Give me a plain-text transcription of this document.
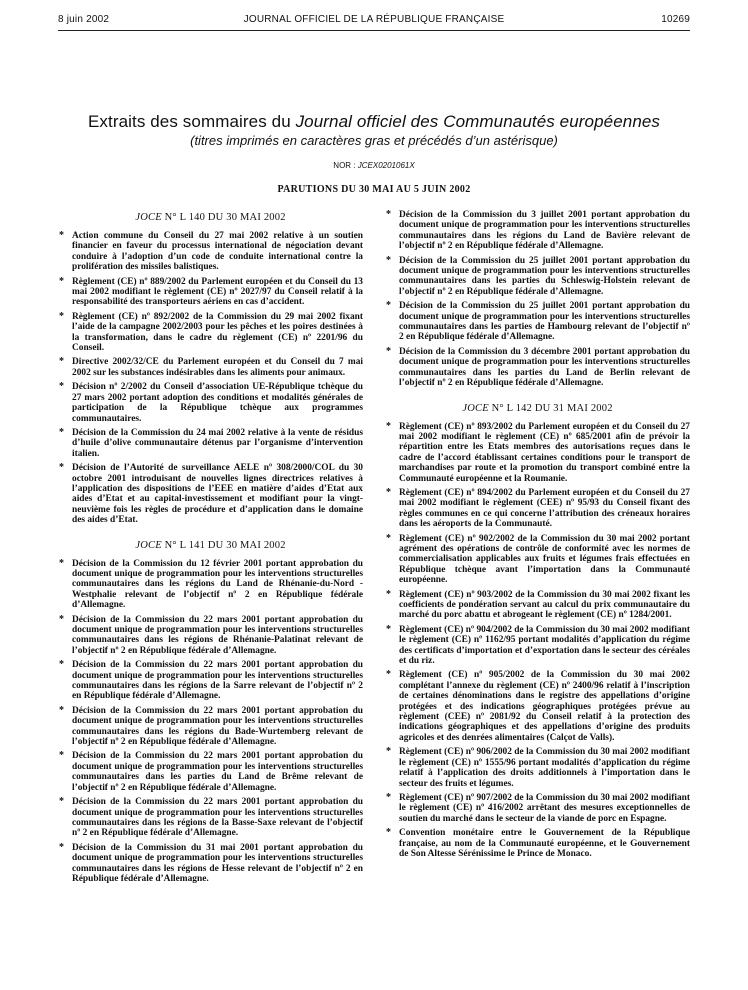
8 juin 2002	JOURNAL OFFICIEL DE LA RÉPUBLIQUE FRANÇAISE	10269
Extraits des sommaires du Journal officiel des Communautés européennes
(titres imprimés en caractères gras et précédés d’un astérisque)
NOR : JCEX0201061X
PARUTIONS DU 30 MAI AU 5 JUIN 2002
JOCE N° L 140 DU 30 MAI 2002
* Action commune du Conseil du 27 mai 2002 relative à un soutien financier en faveur du processus international de négociation devant conduire à l’adoption d’un code de conduite international contre la prolifération des missiles balistiques.
* Règlement (CE) nº 889/2002 du Parlement européen et du Conseil du 13 mai 2002 modifiant le règlement (CE) nº 2027/97 du Conseil relatif à la responsabilité des transporteurs aériens en cas d’accident.
* Règlement (CE) nº 892/2002 de la Commission du 29 mai 2002 fixant l’aide de la campagne 2002/2003 pour les pêches et les poires destinées à la transformation, dans le cadre du règlement (CE) nº 2201/96 du Conseil.
* Directive 2002/32/CE du Parlement européen et du Conseil du 7 mai 2002 sur les substances indésirables dans les aliments pour animaux.
* Décision nº 2/2002 du Conseil d’association UE-République tchèque du 27 mars 2002 portant adoption des conditions et modalités générales de participation de la République tchèque aux programmes communautaires.
* Décision de la Commission du 24 mai 2002 relative à la vente de résidus d’huile d’olive communautaire détenus par l’organisme d’intervention italien.
* Décision de l’Autorité de surveillance AELE nº 308/2000/COL du 30 octobre 2001 introduisant de nouvelles lignes directrices relatives à l’application des dispositions de l’EEE en matière d’aides d’Etat aux aides d’Etat et au capital-investissement et modifiant pour la vingt-neuvième fois les règles de procédure et d’application dans le domaine des aides d’Etat.
JOCE N° L 141 DU 30 MAI 2002
* Décision de la Commission du 12 février 2001 portant approbation du document unique de programmation pour les interventions structurelles communautaires dans les régions du Land de Rhénanie-du-Nord - Westphalie relevant de l’objectif nº 2 en République fédérale d’Allemagne.
* Décision de la Commission du 22 mars 2001 portant approbation du document unique de programmation pour les interventions structurelles communautaires dans les régions de Rhénanie-Palatinat relevant de l’objectif nº 2 en République fédérale d’Allemagne.
* Décision de la Commission du 22 mars 2001 portant approbation du document unique de programmation pour les interventions structurelles communautaires dans les régions de la Sarre relevant de l’objectif nº 2 en République fédérale d’Allemagne.
* Décision de la Commission du 22 mars 2001 portant approbation du document unique de programmation pour les interventions structurelles communautaires dans les régions du Bade-Wurtemberg relevant de l’objectif nº 2 en République fédérale d’Allemagne.
* Décision de la Commission du 22 mars 2001 portant approbation du document unique de programmation pour les interventions structurelles communautaires dans les parties du Land de Brême relevant de l’objectif nº 2 en République fédérale d’Allemagne.
* Décision de la Commission du 22 mars 2001 portant approbation du document unique de programmation pour les interventions structurelles communautaires dans les régions de la Basse-Saxe relevant de l’objectif nº 2 en République fédérale d’Allemagne.
* Décision de la Commission du 31 mai 2001 portant approbation du document unique de programmation pour les interventions structurelles communautaires dans les régions de Hesse relevant de l’objectif nº 2 en République fédérale d’Allemagne.
* Décision de la Commission du 3 juillet 2001 portant approbation du document unique de programmation pour les interventions structurelles communautaires dans les régions du Land de Bavière relevant de l’objectif nº 2 en République fédérale d’Allemagne.
* Décision de la Commission du 25 juillet 2001 portant approbation du document unique de programmation pour les interventions structurelles communautaires dans les parties du Schleswig-Holstein relevant de l’objectif nº 2 en République fédérale d’Allemagne.
* Décision de la Commission du 25 juillet 2001 portant approbation du document unique de programmation pour les interventions structurelles communautaires dans les parties de Hambourg relevant de l’objectif nº 2 en République fédérale d’Allemagne.
* Décision de la Commission du 3 décembre 2001 portant approbation du document unique de programmation pour les interventions structurelles communautaires dans les parties du Land de Berlin relevant de l’objectif nº 2 en République fédérale d’Allemagne.
JOCE N° L 142 DU 31 MAI 2002
* Règlement (CE) nº 893/2002 du Parlement européen et du Conseil du 27 mai 2002 modifiant le règlement (CE) nº 685/2001 afin de prévoir la répartition entre les Etats membres des autorisations reçues dans le cadre de l’accord établissant certaines conditions pour le transport de marchandises par route et la promotion du transport combiné entre la Communauté européenne et la Roumanie.
* Règlement (CE) nº 894/2002 du Parlement européen et du Conseil du 27 mai 2002 modifiant le règlement (CEE) nº 95/93 du Conseil fixant des règles communes en ce qui concerne l’attribution des créneaux horaires dans les aéroports de la Communauté.
* Règlement (CE) nº 902/2002 de la Commission du 30 mai 2002 portant agrément des opérations de contrôle de conformité avec les normes de commercialisation applicables aux fruits et légumes frais effectuées en République tchèque avant l’importation dans la Communauté européenne.
* Règlement (CE) nº 903/2002 de la Commission du 30 mai 2002 fixant les coefficients de pondération servant au calcul du prix communautaire du marché du porc abattu et abrogeant le règlement (CE) nº 1284/2001.
* Règlement (CE) nº 904/2002 de la Commission du 30 mai 2002 modifiant le règlement (CE) nº 1162/95 portant modalités d’application du régime des certificats d’importation et d’exportation dans le secteur des céréales et du riz.
* Règlement (CE) nº 905/2002 de la Commission du 30 mai 2002 complétant l’annexe du règlement (CE) nº 2400/96 relatif à l’inscription de certaines dénominations dans le registre des appellations d’origine protégées et des indications géographiques protégées prévue au règlement (CEE) nº 2081/92 du Conseil relatif à la protection des indications géographiques et des appellations d’origine des produits agricoles et des denrées alimentaires (Calçot de Valls).
* Règlement (CE) nº 906/2002 de la Commission du 30 mai 2002 modifiant le règlement (CE) nº 1555/96 portant modalités d’application du régime relatif à l’application des droits additionnels à l’importation dans le secteur des fruits et légumes.
* Règlement (CE) nº 907/2002 de la Commission du 30 mai 2002 modifiant le règlement (CE) nº 416/2002 arrêtant des mesures exceptionnelles de soutien du marché dans le secteur de la viande de porc en Espagne.
* Convention monétaire entre le Gouvernement de la République française, au nom de la Communauté européenne, et le Gouvernement de Son Altesse Sérénissime le Prince de Monaco.
